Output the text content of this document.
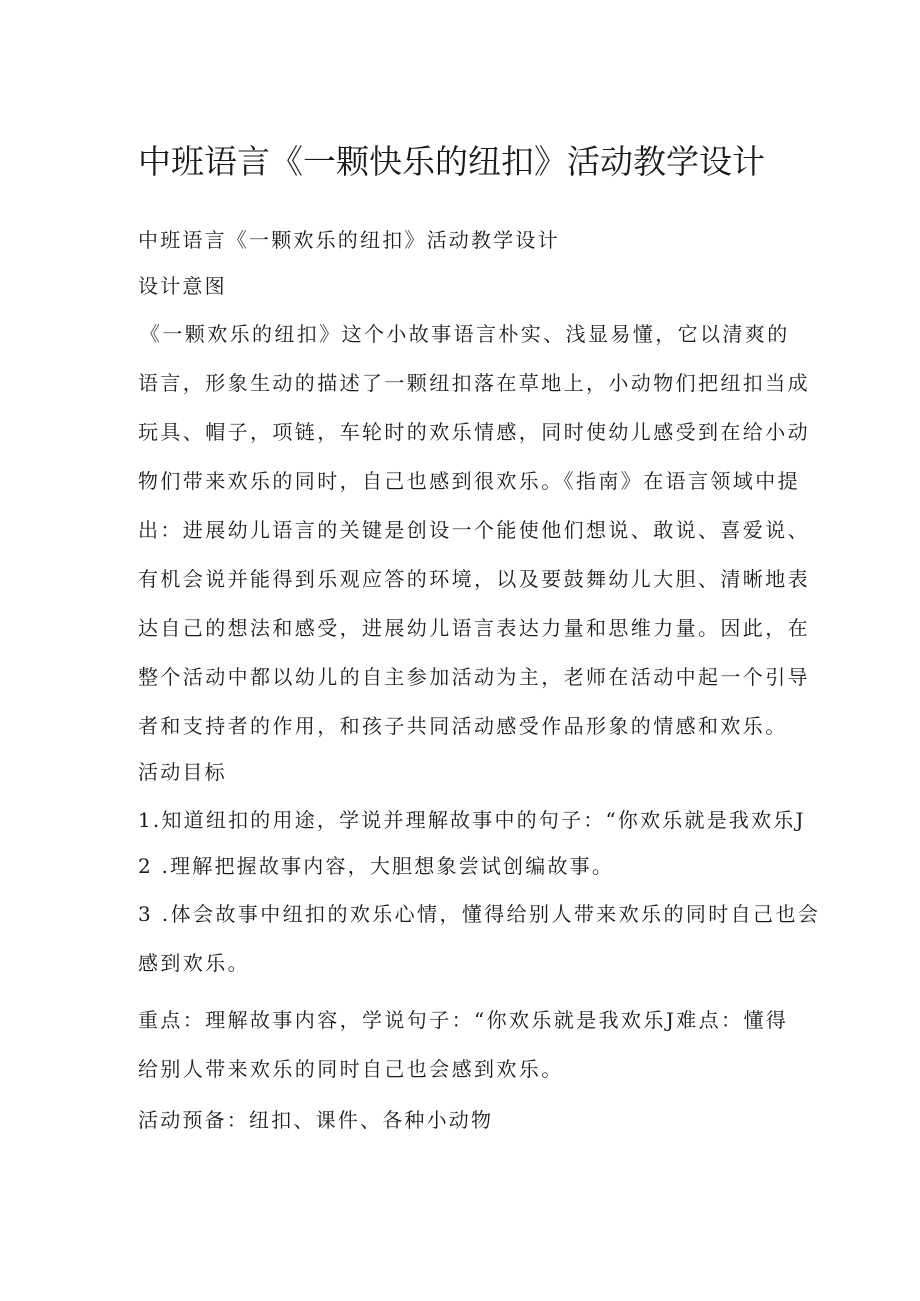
中班语言《一颗快乐的纽扣》活动教学设计

中班语言《一颗欢乐的纽扣》活动教学设计

设计意图

《一颗欢乐的纽扣》这个小故事语言朴实、浅显易懂，它以清爽的
语言，形象生动的描述了一颗纽扣落在草地上，小动物们把纽扣当成
玩具、帽子，项链，车轮时的欢乐情感，同时使幼儿感受到在给小动
物们带来欢乐的同时，自己也感到很欢乐。《指南》在语言领域中提
出：进展幼儿语言的关键是创设一个能使他们想说、敢说、喜爱说、
有机会说并能得到乐观应答的环境，以及要鼓舞幼儿大胆、清晰地表
达自己的想法和感受，进展幼儿语言表达力量和思维力量。因此，在
整个活动中都以幼儿的自主参加活动为主，老师在活动中起一个引导
者和支持者的作用，和孩子共同活动感受作品形象的情感和欢乐。

活动目标

1.知道纽扣的用途，学说并理解故事中的句子：“你欢乐就是我欢乐J

2 .理解把握故事内容，大胆想象尝试创编故事。

3 .体会故事中纽扣的欢乐心情，懂得给别人带来欢乐的同时自己也会
感到欢乐。
重点：理解故事内容，学说句子：“你欢乐就是我欢乐J难点：懂得
给别人带来欢乐的同时自己也会感到欢乐。

活动预备：纽扣、课件、各种小动物
